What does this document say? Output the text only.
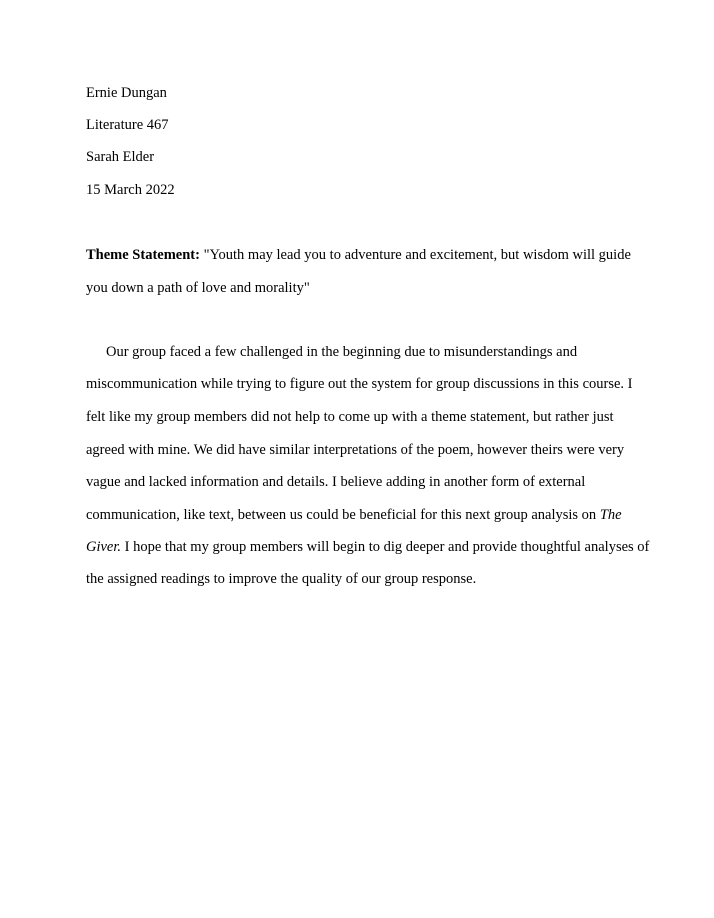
Ernie Dungan
Literature 467
Sarah Elder
15 March 2022
Theme Statement: "Youth may lead you to adventure and excitement, but wisdom will guide
you down a path of love and morality"
Our group faced a few challenged in the beginning due to misunderstandings and
miscommunication while trying to figure out the system for group discussions in this course. I
felt like my group members did not help to come up with a theme statement, but rather just
agreed with mine. We did have similar interpretations of the poem, however theirs were very
vague and lacked information and details. I believe adding in another form of external
communication, like text, between us could be beneficial for this next group analysis on The
Giver. I hope that my group members will begin to dig deeper and provide thoughtful analyses of
the assigned readings to improve the quality of our group response.
